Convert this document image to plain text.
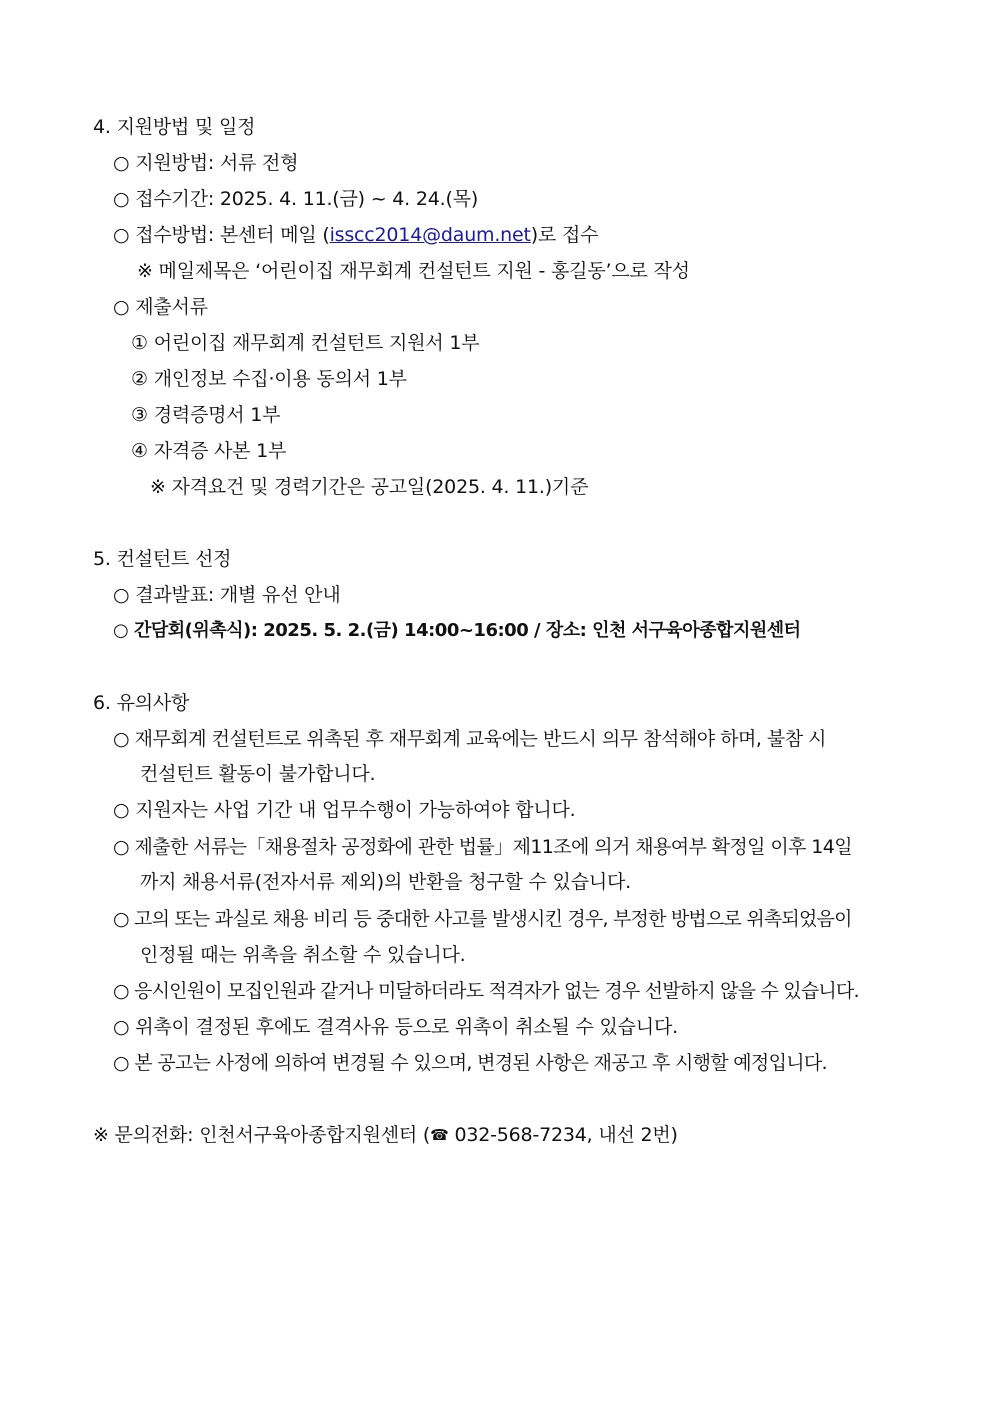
4. 지원방법 및 일정
○ 지원방법: 서류 전형
○ 접수기간: 2025. 4. 11.(금) ~ 4. 24.(목)
○ 접수방법: 본센터 메일 (isscc2014@daum.net)로 접수
※ 메일제목은 ‘어린이집 재무회계 컨설턴트 지원 - 홍길동’으로 작성
○ 제출서류
① 어린이집 재무회계 컨설턴트 지원서 1부
② 개인정보 수집·이용 동의서 1부
③ 경력증명서 1부
④ 자격증 사본 1부
※ 자격요건 및 경력기간은 공고일(2025. 4. 11.)기준
5. 컨설턴트 선정
○ 결과발표: 개별 유선 안내
○ 간담회(위촉식): 2025. 5. 2.(금) 14:00~16:00 / 장소: 인천 서구육아종합지원센터
6. 유의사항
○ 재무회계 컨설턴트로 위촉된 후 재무회계 교육에는 반드시 의무 참석해야 하며, 불참 시
컨설턴트 활동이 불가합니다.
○ 지원자는 사업 기간 내 업무수행이 가능하여야 합니다.
○ 제출한 서류는「채용절차 공정화에 관한 법률」제11조에 의거 채용여부 확정일 이후 14일
까지 채용서류(전자서류 제외)의 반환을 청구할 수 있습니다.
○ 고의 또는 과실로 채용 비리 등 중대한 사고를 발생시킨 경우, 부정한 방법으로 위촉되었음이
인정될 때는 위촉을 취소할 수 있습니다.
○ 응시인원이 모집인원과 같거나 미달하더라도 적격자가 없는 경우 선발하지 않을 수 있습니다.
○ 위촉이 결정된 후에도 결격사유 등으로 위촉이 취소될 수 있습니다.
○ 본 공고는 사정에 의하여 변경될 수 있으며, 변경된 사항은 재공고 후 시행할 예정입니다.
※ 문의전화: 인천서구육아종합지원센터 (☎ 032-568-7234, 내선 2번)
